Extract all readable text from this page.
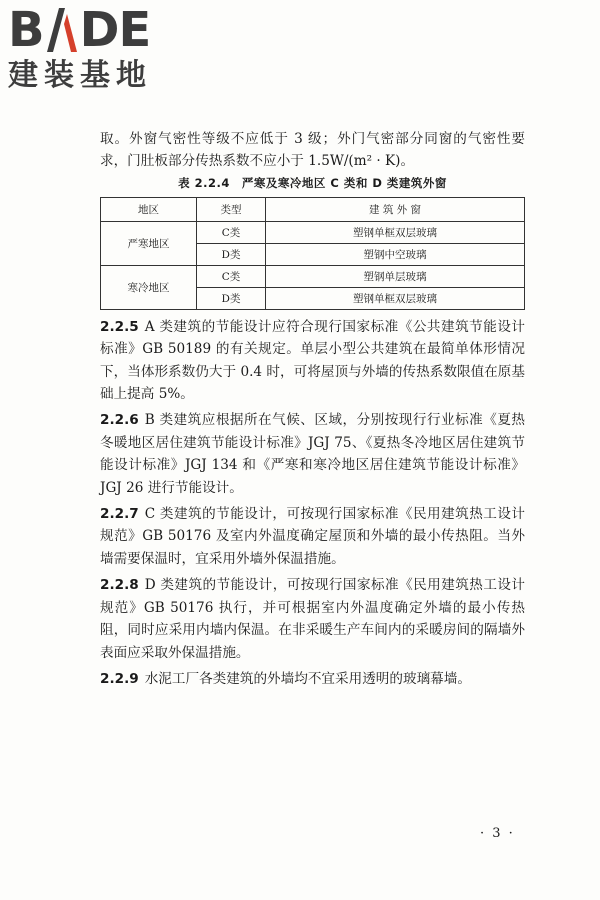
B DE
建装基地

取。外窗气密性等级不应低于 3 级；外门气密部分同窗的气密性要求，门肚板部分传热系数不应小于 1.5W/(m² · K)。

表 2.2.4　严寒及寒冷地区 C 类和 D 类建筑外窗
地区	类型	建 筑 外 窗
严寒地区	C类	塑钢单框双层玻璃
	D类	塑钢中空玻璃
寒冷地区	C类	塑钢单层玻璃
	D类	塑钢单框双层玻璃

2.2.5 A 类建筑的节能设计应符合现行国家标准《公共建筑节能设计标准》GB 50189 的有关规定。单层小型公共建筑在最简单体形情况下，当体形系数仍大于 0.4 时，可将屋顶与外墙的传热系数限值在原基础上提高 5%。

2.2.6 B 类建筑应根据所在气候、区域，分别按现行行业标准《夏热冬暖地区居住建筑节能设计标准》JGJ 75、《夏热冬冷地区居住建筑节能设计标准》JGJ 134 和《严寒和寒冷地区居住建筑节能设计标准》JGJ 26 进行节能设计。

2.2.7 C 类建筑的节能设计，可按现行国家标准《民用建筑热工设计规范》GB 50176 及室内外温度确定屋顶和外墙的最小传热阻。当外墙需要保温时，宜采用外墙外保温措施。

2.2.8 D 类建筑的节能设计，可按现行国家标准《民用建筑热工设计规范》GB 50176 执行，并可根据室内外温度确定外墙的最小传热阻，同时应采用内墙内保温。在非采暖生产车间内的采暖房间的隔墙外表面应采取外保温措施。

2.2.9 水泥工厂各类建筑的外墙均不宜采用透明的玻璃幕墙。

· 3 ·
